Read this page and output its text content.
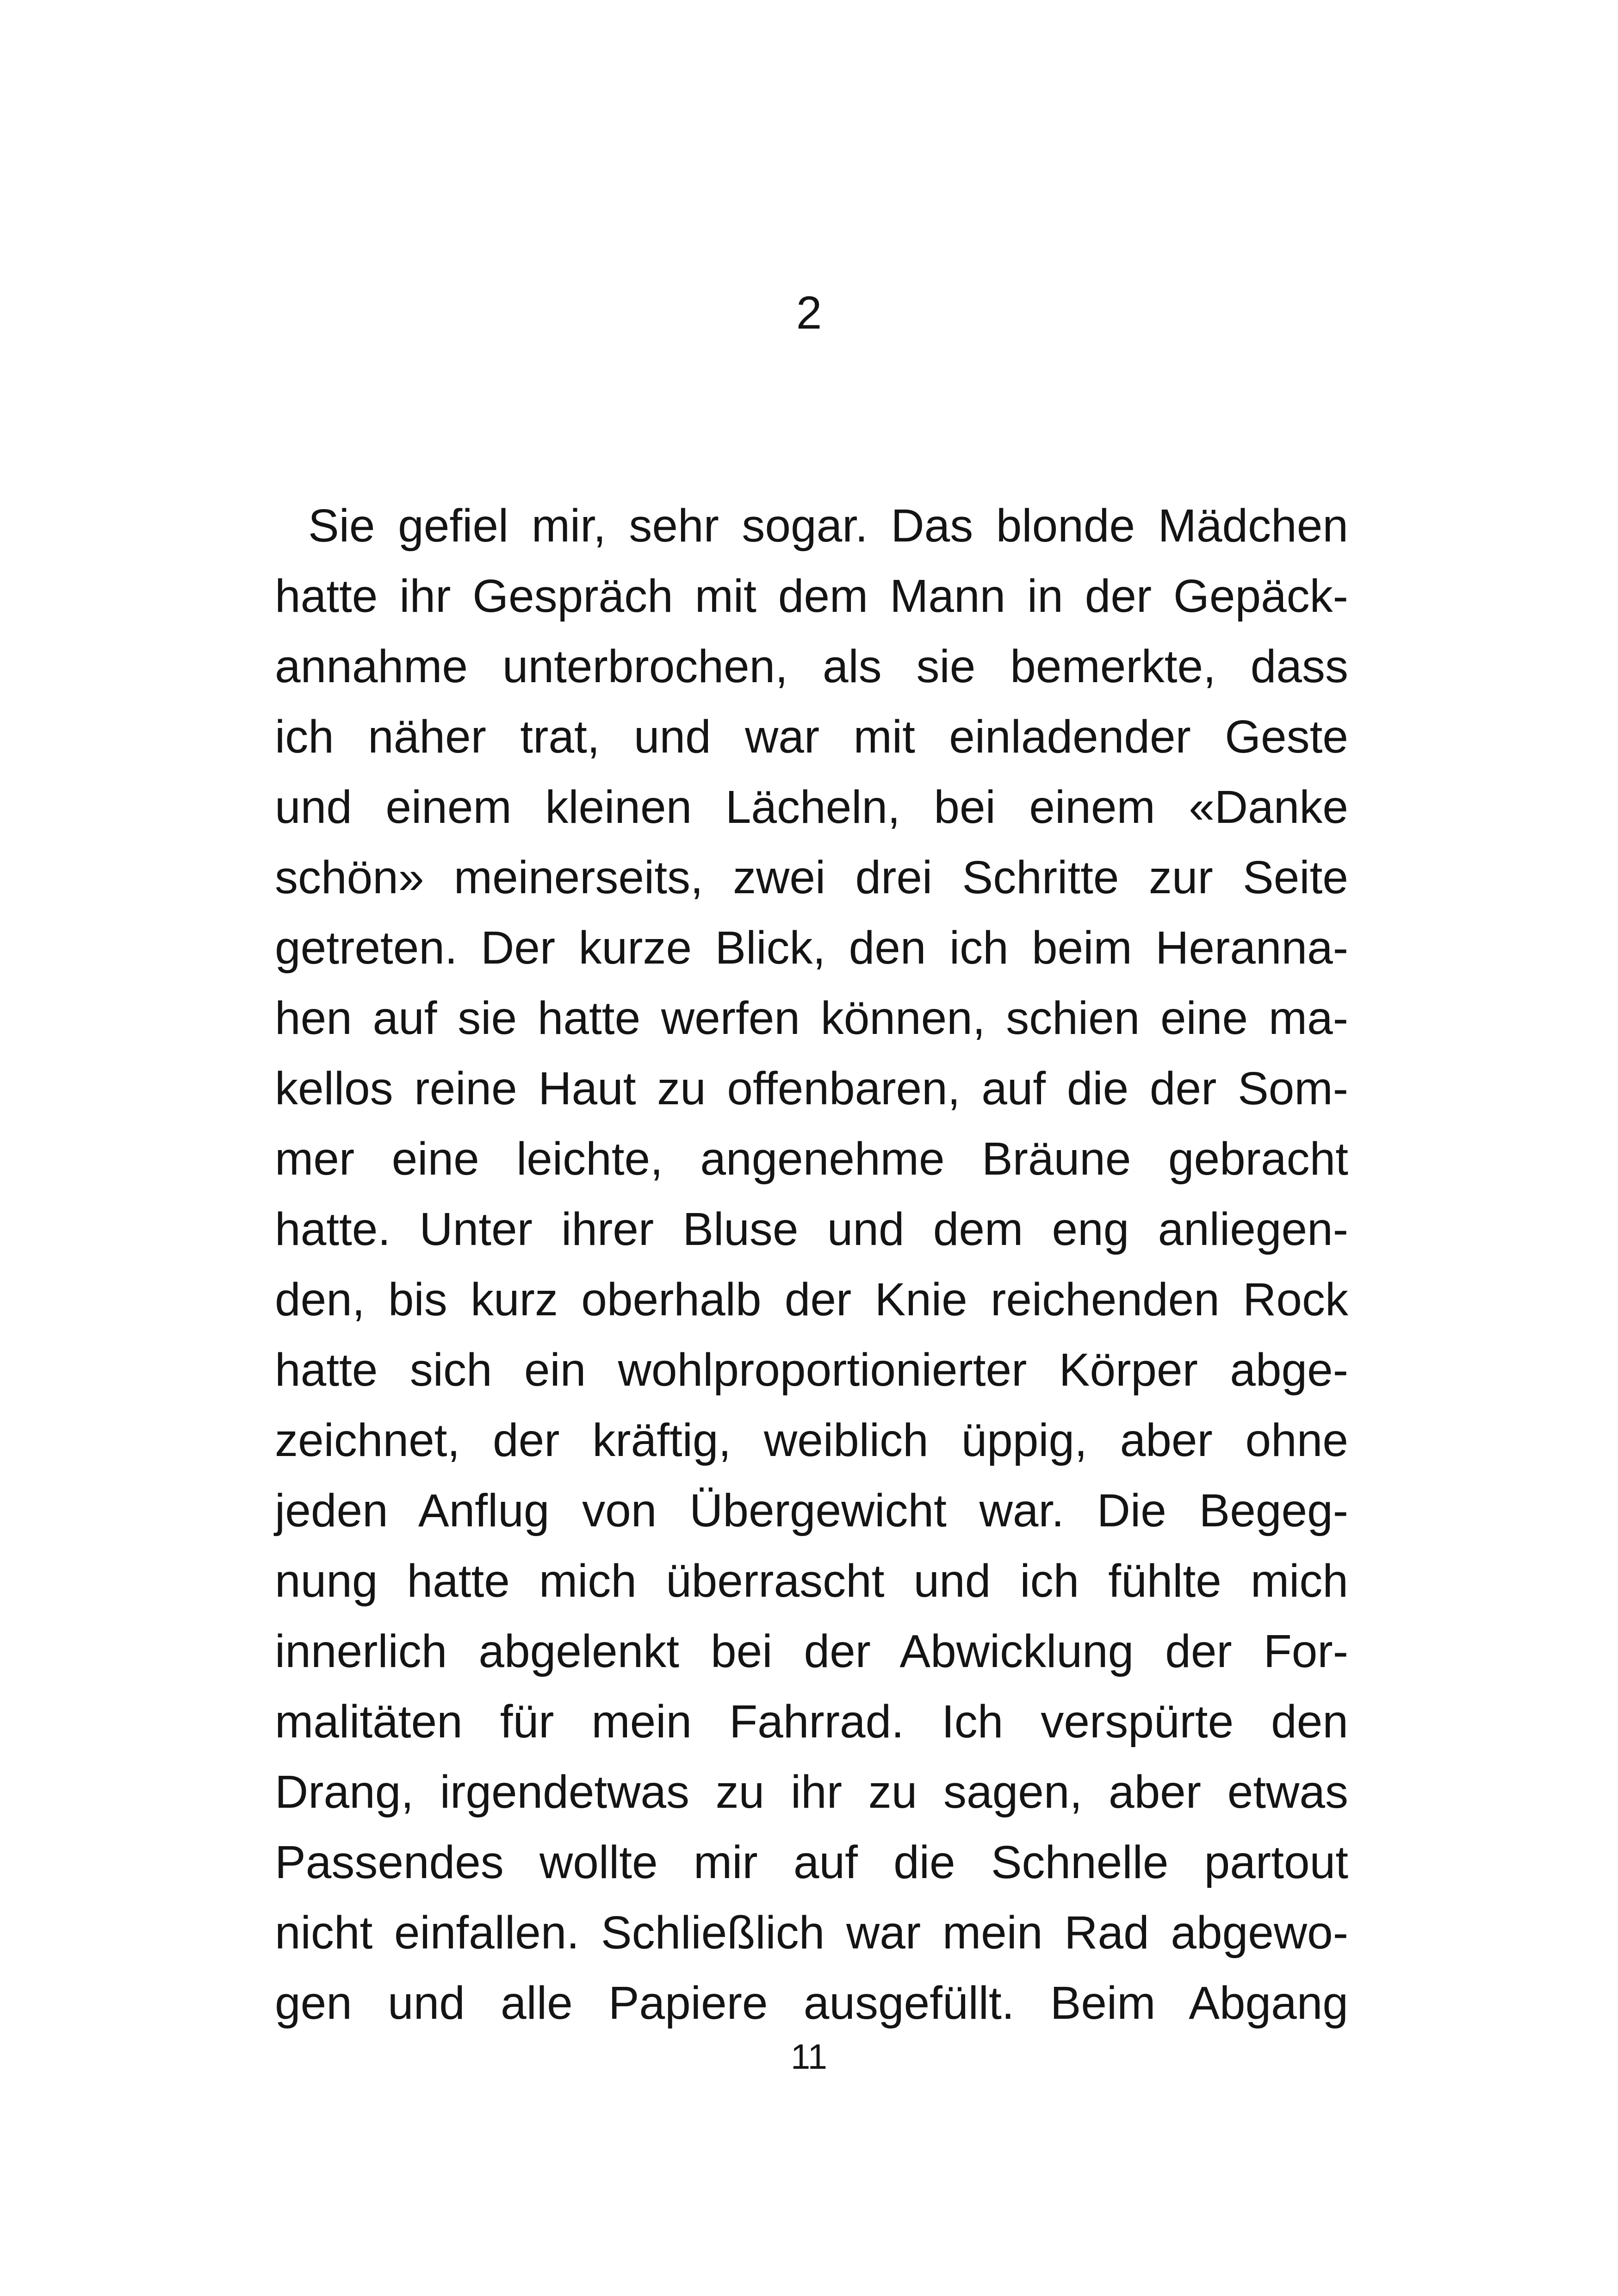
2
Sie gefiel mir, sehr sogar. Das blonde Mädchen
hatte ihr Gespräch mit dem Mann in der Gepäck-
annahme unterbrochen, als sie bemerkte, dass
ich näher trat, und war mit einladender Geste
und einem kleinen Lächeln, bei einem «Danke
schön» meinerseits, zwei drei Schritte zur Seite
getreten. Der kurze Blick, den ich beim Heranna-
hen auf sie hatte werfen können, schien eine ma-
kellos reine Haut zu offenbaren, auf die der Som-
mer eine leichte, angenehme Bräune gebracht
hatte. Unter ihrer Bluse und dem eng anliegen-
den, bis kurz oberhalb der Knie reichenden Rock
hatte sich ein wohlproportionierter Körper abge-
zeichnet, der kräftig, weiblich üppig, aber ohne
jeden Anflug von Übergewicht war. Die Begeg-
nung hatte mich überrascht und ich fühlte mich
innerlich abgelenkt bei der Abwicklung der For-
malitäten für mein Fahrrad. Ich verspürte den
Drang, irgendetwas zu ihr zu sagen, aber etwas
Passendes wollte mir auf die Schnelle partout
nicht einfallen. Schließlich war mein Rad abgewo-
gen und alle Papiere ausgefüllt. Beim Abgang
11
